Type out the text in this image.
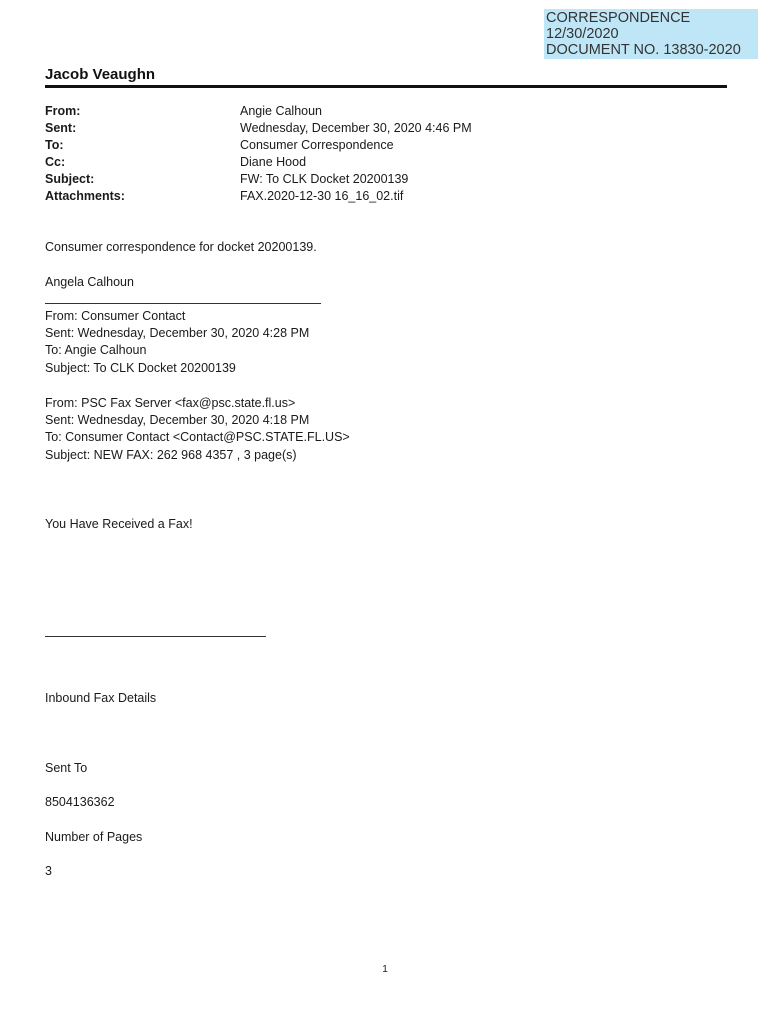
CORRESPONDENCE
12/30/2020
DOCUMENT NO. 13830-2020
Jacob Veaughn
From:	Angie Calhoun
Sent:	Wednesday, December 30, 2020 4:46 PM
To:	Consumer Correspondence
Cc:	Diane Hood
Subject:	FW: To CLK Docket 20200139
Attachments:	FAX.2020-12-30 16_16_02.tif
Consumer correspondence for docket 20200139.
Angela Calhoun
From: Consumer Contact
Sent: Wednesday, December 30, 2020 4:28 PM
To: Angie Calhoun
Subject: To CLK Docket 20200139
From: PSC Fax Server <fax@psc.state.fl.us>
Sent: Wednesday, December 30, 2020 4:18 PM
To: Consumer Contact <Contact@PSC.STATE.FL.US>
Subject: NEW FAX: 262 968 4357 , 3 page(s)
You Have Received a Fax!
Inbound Fax Details
Sent To
8504136362
Number of Pages
3
1
